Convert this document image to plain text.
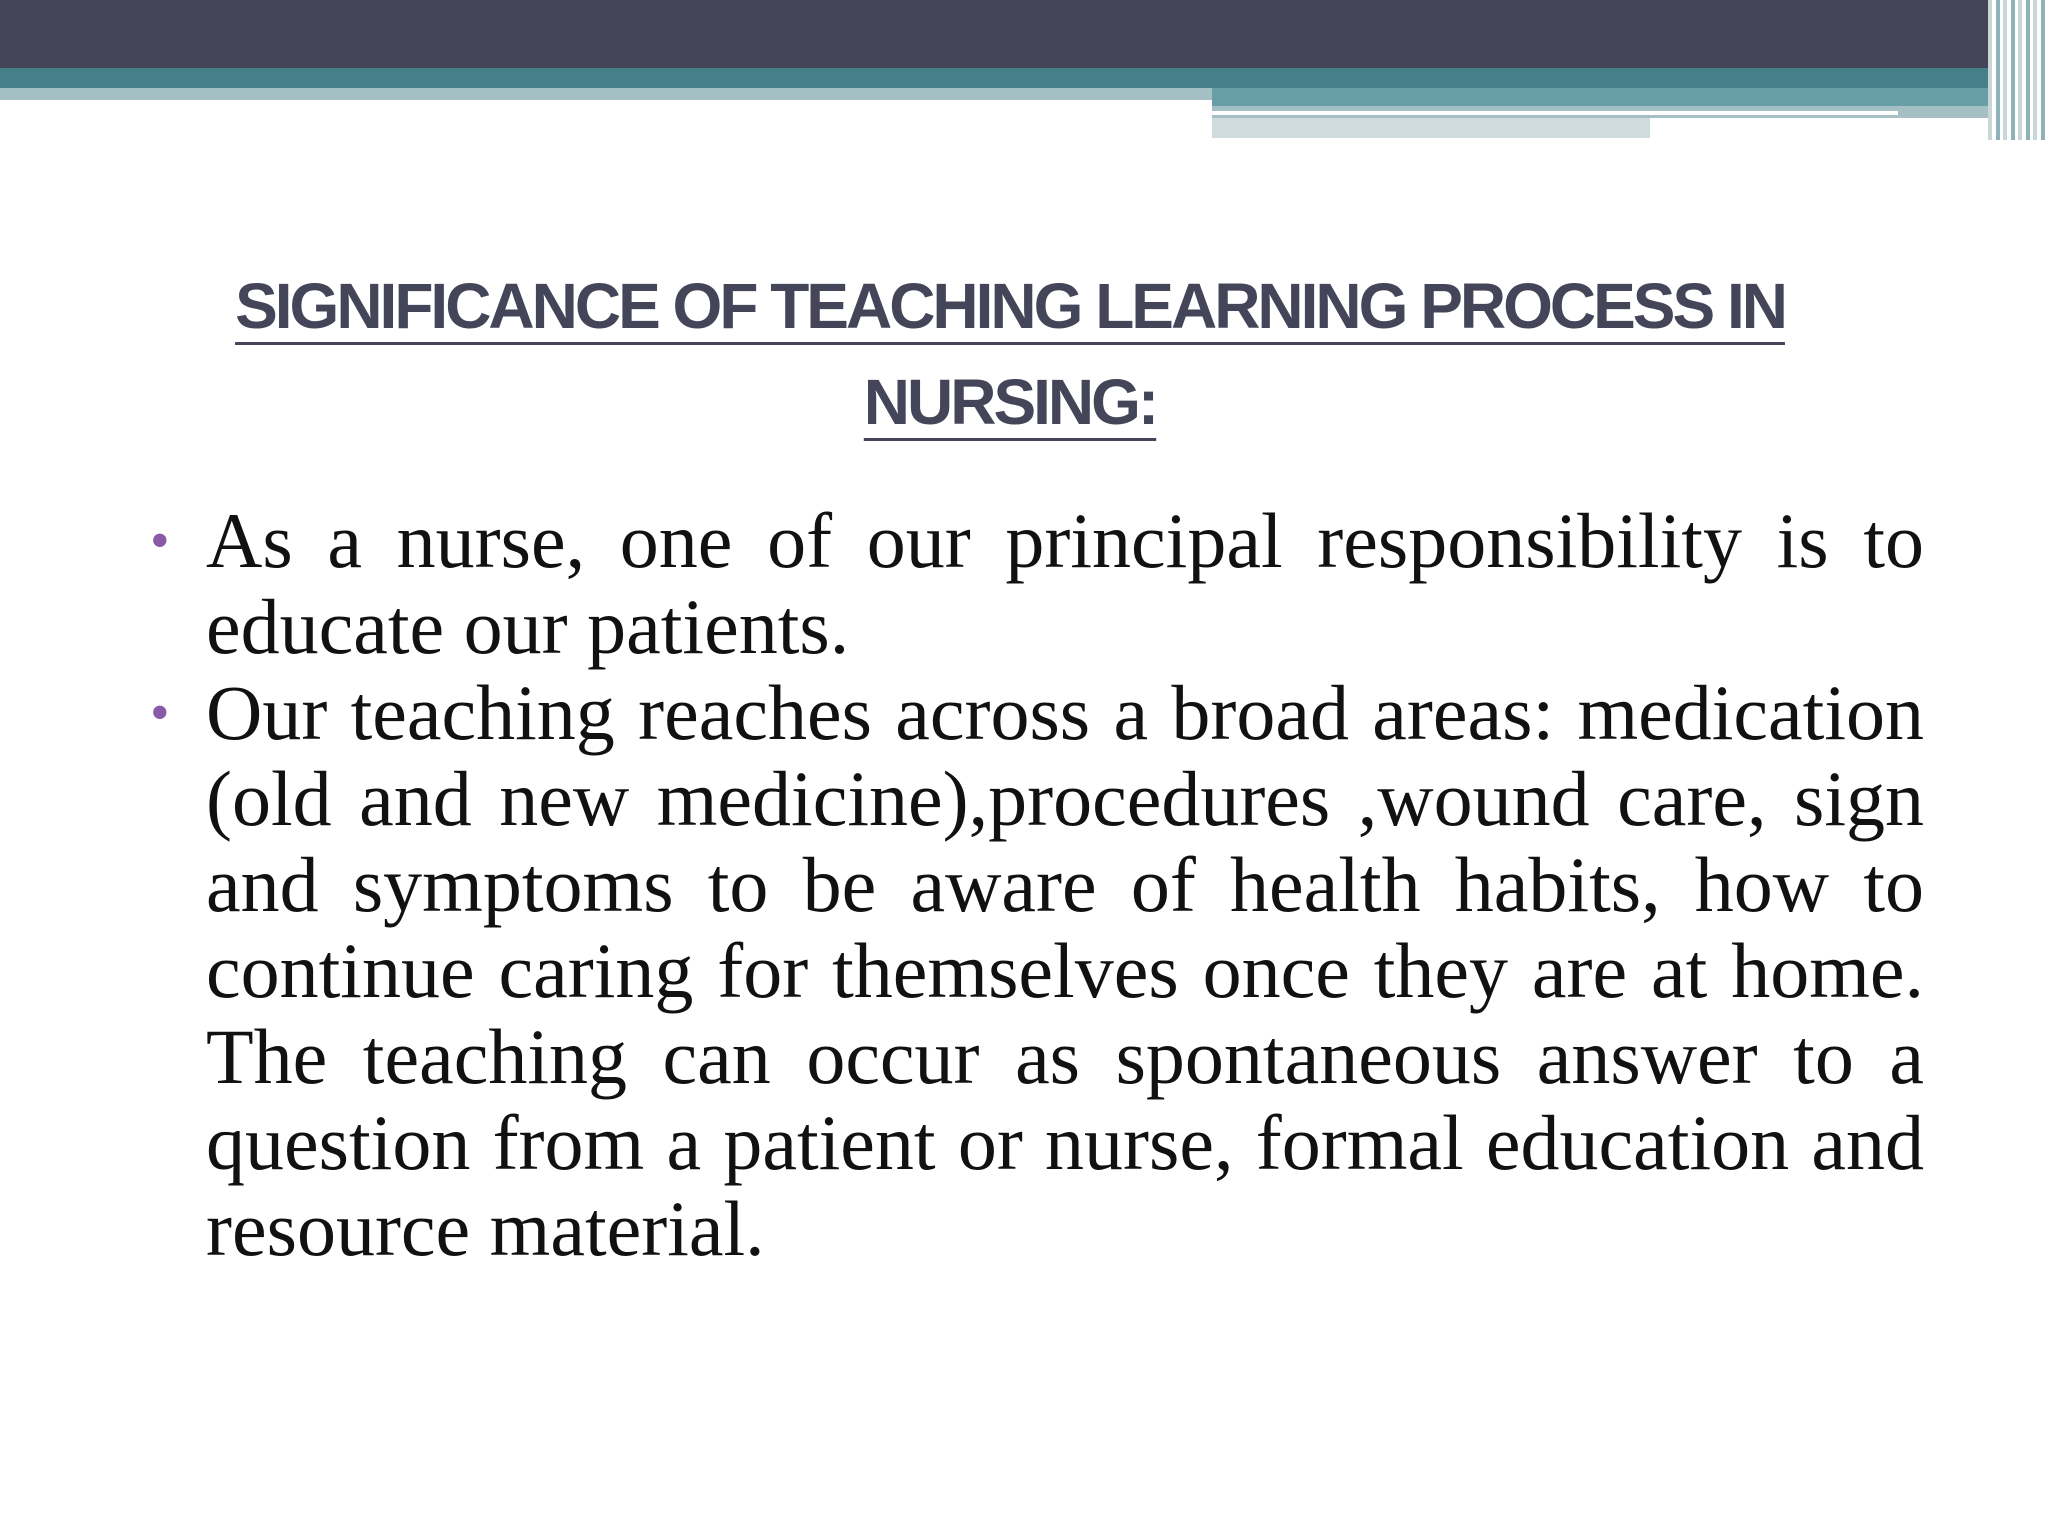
SIGNIFICANCE OF TEACHING LEARNING PROCESS IN NURSING:
• As a nurse, one of our principal responsibility is to educate our patients.
• Our teaching reaches across a broad areas: medication (old and new medicine),procedures ,wound care, sign and symptoms to be aware of health habits, how to continue caring for themselves once they are at home. The teaching can occur as spontaneous answer to a question from a patient or nurse, formal education and resource material.
